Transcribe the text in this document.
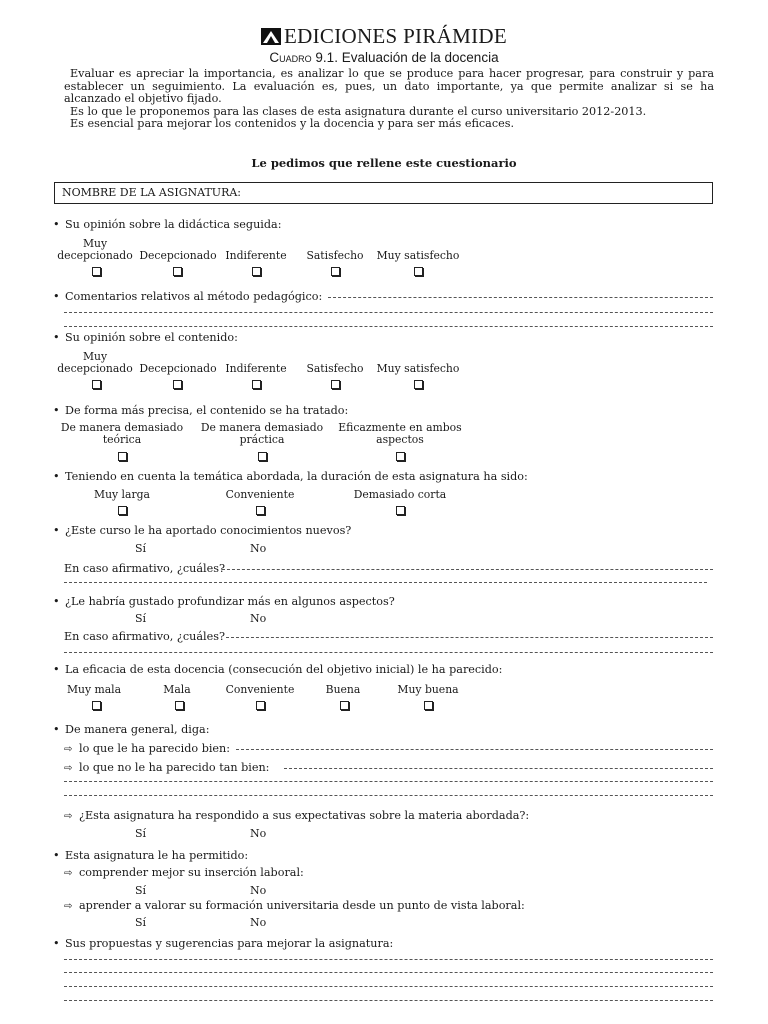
EDICIONES PIRÁMIDE
Cuadro 9.1. Evaluación de la docencia

Evaluar es apreciar la importancia, es analizar lo que se produce para hacer progresar, para construir y para establecer un seguimiento. La evaluación es, pues, un dato importante, ya que permite analizar si se ha alcanzado el objetivo fijado.

Es lo que le proponemos para las clases de esta asignatura durante el curso universitario 2012-2013.

Es esencial para mejorar los contenidos y la docencia y para ser más eficaces.

Le pedimos que rellene este cuestionario
NOMBRE DE LA ASIGNATURA:
• Su opinión sobre la didáctica seguida:
Muy decepcionado Decepcionado Indiferente	Satisfecho	Muy satisfecho
• Comentarios relativos al método pedagógico:
• Su opinión sobre el contenido:
Muy decepcionado Decepcionado Indiferente	Satisfecho	Muy satisfecho
• De forma más precisa, el contenido se ha tratado:
De manera demasiado teórica
De manera demasiado práctica
Eficazmente en ambos aspectos
• Teniendo en cuenta la temática abordada, la duración de esta asignatura ha sido:
Muy larga	Conveniente	Demasiado corta
• ¿Este curso le ha aportado conocimientos nuevos?
Sí	No
En caso afirmativo, ¿cuáles?
• ¿Le habría gustado profundizar más en algunos aspectos?
Sí	No
En caso afirmativo, ¿cuáles?
• La eficacia de esta docencia (consecución del objetivo inicial) le ha parecido:
Muy mala	Mala	Conveniente	Buena	Muy buena
• De manera general, diga:
⇨ lo que le ha parecido bien:
⇨ lo que no le ha parecido tan bien:
⇨ ¿Esta asignatura ha respondido a sus expectativas sobre la materia abordada?:
Sí	No
• Esta asignatura le ha permitido:
⇨ comprender mejor su inserción laboral:
Sí	No
⇨ aprender a valorar su formación universitaria desde un punto de vista laboral:
Sí	No
• Sus propuestas y sugerencias para mejorar la asignatura:
